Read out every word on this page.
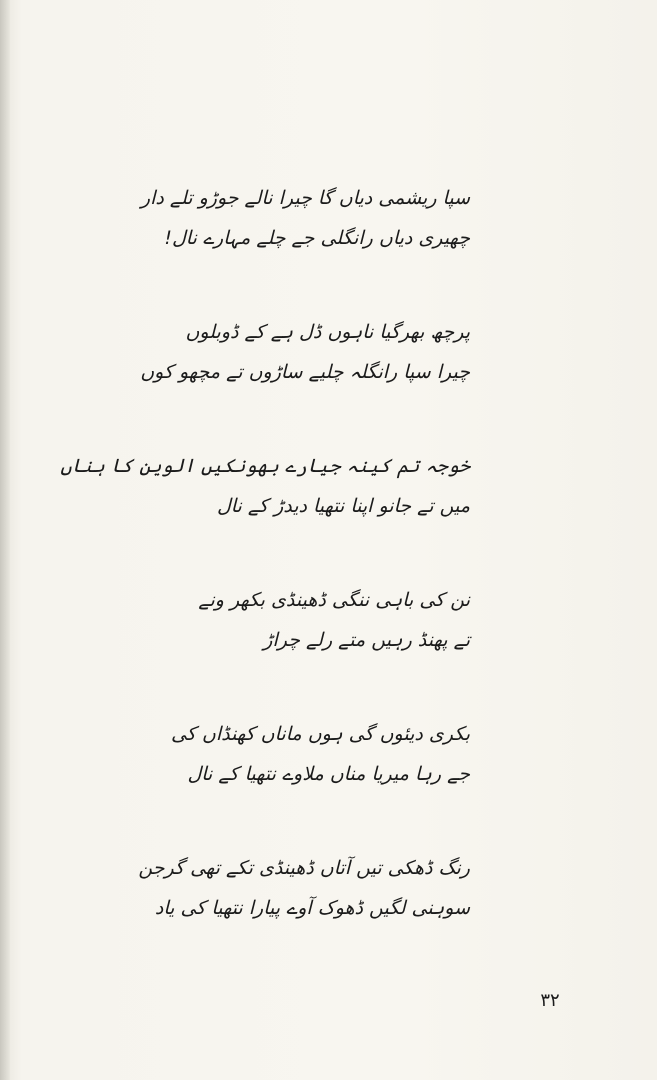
سپا ریشمی دیاں گا چیرا نالے جوڑو تلے دار
چھیری دیاں رانگلی جے چلے مہارے نال!
پرچھ بھرگیا ناہوں ڈل ہے کے ڈوبلوں
چیرا سپا رانگلہ چلیے ساڑوں تے مچھو کوں
خوجہ تم کینہ جیارے بھونکیں الوین کا ہناں
میں تے جانو اپنا نتھیا دیدڑ کے نال
نن کی باہی ننگی ڈھینڈی بکھر ونے
تے پھنڈ رہیں متے رلے چراڑ
بکری دیئوں گی ہوں ماناں کھنڈاں کی
جے رہا میریا مناں ملاوے نتھیا کے نال
رنگ ڈھکی تیں آتاں ڈھینڈی تکے تھی گرجن
سوہنی لگیں ڈھوک آوے پیارا نتھیا کی یاد
۳۲
